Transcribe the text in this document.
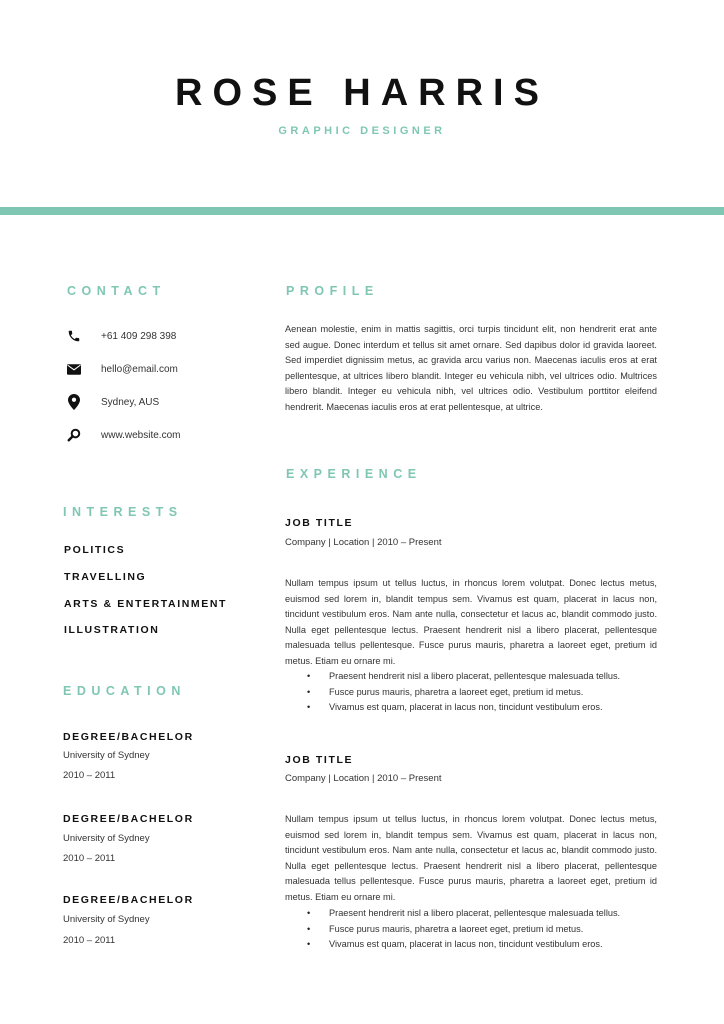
ROSE HARRIS
GRAPHIC DESIGNER
CONTACT
+61 409 298 398
hello@email.com
Sydney, AUS
www.website.com
INTERESTS
POLITICS
TRAVELLING
ARTS & ENTERTAINMENT
ILLUSTRATION
EDUCATION
DEGREE/BACHELOR
University of Sydney
2010 – 2011
DEGREE/BACHELOR
University of Sydney
2010 – 2011
DEGREE/BACHELOR
University of Sydney
2010 – 2011
PROFILE

Aenean molestie, enim in mattis sagittis, orci turpis tincidunt elit, non hendrerit erat ante sed augue. Donec interdum et tellus sit amet ornare. Sed dapibus dolor id gravida laoreet. Sed imperdiet dignissim metus, ac gravida arcu varius non. Maecenas iaculis eros at erat pellentesque, at ultrices libero blandit. Integer eu vehicula nibh, vel ultrices odio. Multrices libero blandit. Integer eu vehicula nibh, vel ultrices odio. Vestibulum porttitor eleifend hendrerit. Maecenas iaculis eros at erat pellentesque, at ultrice.

EXPERIENCE
JOB TITLE
Company | Location | 2010 – Present

Nullam tempus ipsum ut tellus luctus, in rhoncus lorem volutpat. Donec lectus metus, euismod sed lorem in, blandit tempus sem. Vivamus est quam, placerat in lacus non, tincidunt vestibulum eros. Nam ante nulla, consectetur et lacus ac, blandit commodo justo. Nulla eget pellentesque lectus. Praesent hendrerit nisl a libero placerat, pellentesque malesuada tellus pellentesque. Fusce purus mauris, pharetra a laoreet eget, pretium id metus. Etiam eu ornare mi.

• Praesent hendrerit nisl a libero placerat, pellentesque malesuada tellus.
• Fusce purus mauris, pharetra a laoreet eget, pretium id metus.
• Vivamus est quam, placerat in lacus non, tincidunt vestibulum eros.
JOB TITLE
Company | Location | 2010 – Present

Nullam tempus ipsum ut tellus luctus, in rhoncus lorem volutpat. Donec lectus metus, euismod sed lorem in, blandit tempus sem. Vivamus est quam, placerat in lacus non, tincidunt vestibulum eros. Nam ante nulla, consectetur et lacus ac, blandit commodo justo. Nulla eget pellentesque lectus. Praesent hendrerit nisl a libero placerat, pellentesque malesuada tellus pellentesque. Fusce purus mauris, pharetra a laoreet eget, pretium id metus. Etiam eu ornare mi.

• Praesent hendrerit nisl a libero placerat, pellentesque malesuada tellus.
• Fusce purus mauris, pharetra a laoreet eget, pretium id metus.
• Vivamus est quam, placerat in lacus non, tincidunt vestibulum eros.
